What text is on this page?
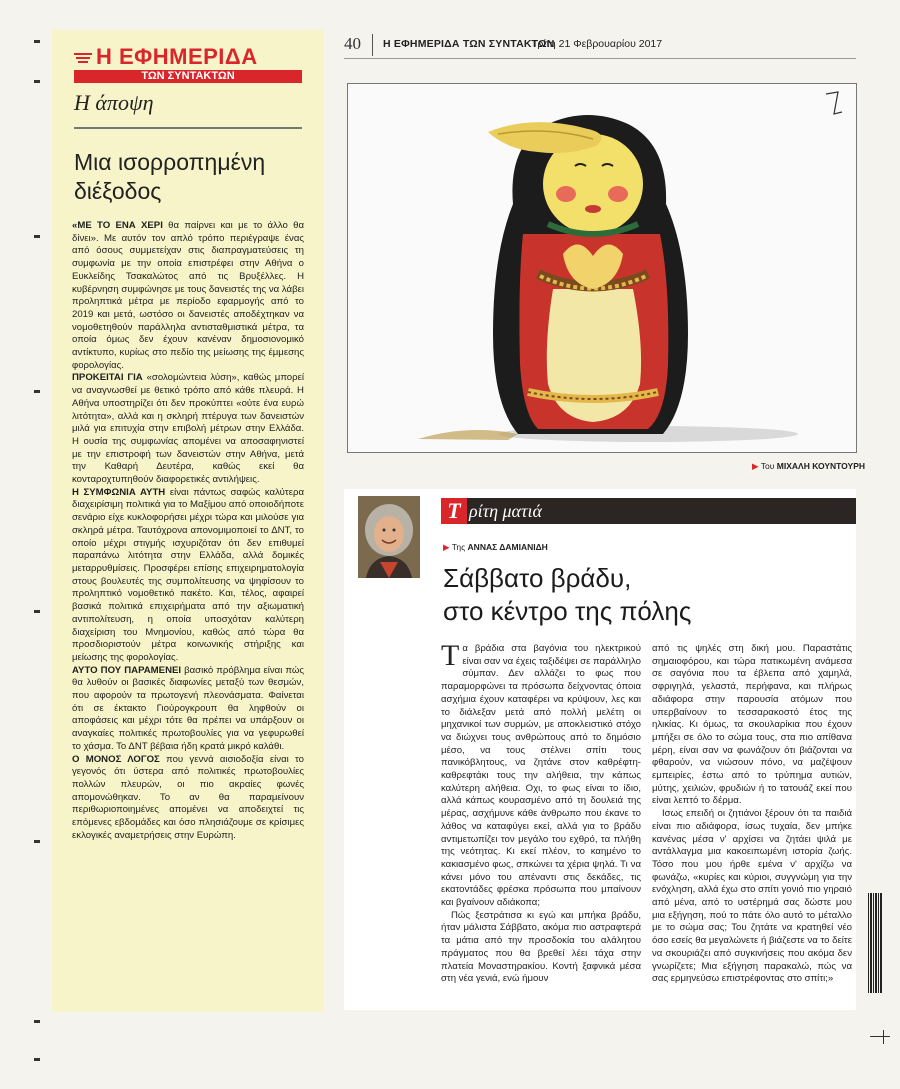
Η ΕΦΗΜΕΡΙΔΑ
ΤΩΝ ΣΥΝΤΑΚΤΩΝ
Η άποψη
Μια ισορροπημένη
διέξοδος

«ΜΕ ΤΟ ΕΝΑ ΧΕΡΙ θα παίρνει και με το άλλο θα δίνει». Με αυτόν τον απλό τρόπο περιέγραψε ένας από όσους συμμετείχαν στις διαπραγματεύσεις τη συμφωνία με την οποία επιστρέφει στην Αθήνα ο Ευκλείδης Τσακαλώτος από τις Βρυξέλλες. Η κυβέρνηση συμφώνησε με τους δανειστές της να λάβει προληπτικά μέτρα με περίοδο εφαρμογής από το 2019 και μετά, ωστόσο οι δανειστές αποδέχτηκαν να νομοθετηθούν παράλληλα αντισταθμιστικά μέτρα, τα οποία όμως δεν έχουν κανέναν δημοσιονομικό αντίκτυπο, κυρίως στο πεδίο της μείωσης της έμμεσης φορολογίας.

ΠΡΟΚΕΙΤΑΙ ΓΙΑ «σολομώντεια λύση», καθώς μπορεί να αναγνωσθεί με θετικό τρόπο από κάθε πλευρά. Η Αθήνα υποστηρίζει ότι δεν προκύπτει «ούτε ένα ευρώ λιτότητα», αλλά και η σκληρή πτέρυγα των δανειστών μιλά για επιτυχία στην επιβολή μέτρων στην Ελλάδα. Η ουσία της συμφωνίας απομένει να αποσαφηνιστεί με την επιστροφή των δανειστών στην Αθήνα, μετά την Καθαρή Δευτέρα, καθώς εκεί θα κονταροχτυπηθούν διαφορετικές αντιλήψεις.

Η ΣΥΜΦΩΝΙΑ ΑΥΤΗ είναι πάντως σαφώς καλύτερα διαχειρίσιμη πολιτικά για το Μαξίμου από οποιοδήποτε σενάριο είχε κυκλοφορήσει μέχρι τώρα και μιλούσε για σκληρά μέτρα. Ταυτόχρονα απονομιμοποιεί το ΔΝΤ, το οποίο μέχρι στιγμής ισχυριζόταν ότι δεν επιθυμεί παραπάνω λιτότητα στην Ελλάδα, αλλά δομικές μεταρρυθμίσεις. Προσφέρει επίσης επιχειρηματολογία στους βουλευτές της συμπολίτευσης να ψηφίσουν το προληπτικό νομοθετικό πακέτο. Και, τέλος, αφαιρεί βασικά πολιτικά επιχειρήματα από την αξιωματική αντιπολίτευση, η οποία υποσχόταν καλύτερη διαχείριση του Μνημονίου, καθώς από τώρα θα προσδιοριστούν μέτρα κοινωνικής στήριξης και μείωσης της φορολογίας.

ΑΥΤΟ ΠΟΥ ΠΑΡΑΜΕΝΕΙ βασικό πρόβλημα είναι πώς θα λυθούν οι βασικές διαφωνίες μεταξύ των θεσμών, που αφορούν τα πρωτογενή πλεονάσματα. Φαίνεται ότι σε έκτακτο Γιούρογκρουπ θα ληφθούν οι αποφάσεις και μέχρι τότε θα πρέπει να υπάρξουν οι αναγκαίες πολιτικές πρωτοβουλίες για να γεφυρωθεί το χάσμα. Το ΔΝΤ βέβαια ήδη κρατά μικρό καλάθι.

Ο ΜΟΝΟΣ ΛΟΓΟΣ που γεννά αισιοδοξία είναι το γεγονός ότι ύστερα από πολιτικές πρωτοβουλίες πολλών πλευρών, οι πιο ακραίες φωνές απομονώθηκαν. Το αν θα παραμείνουν περιθωριοποιημένες απομένει να αποδειχτεί τις επόμενες εβδομάδες και όσο πλησιάζουμε σε κρίσιμες εκλογικές αναμετρήσεις στην Ευρώπη.

40 Η ΕΦΗΜΕΡΙΔΑ ΤΩΝ ΣΥΝΤΑΚΤΩΝ
Τρίτη 21 Φεβρουαρίου 2017
▶ Του ΜΙΧΑΛΗ ΚΟΥΝΤΟΥΡΗ
Τ ρίτη ματιά
▶ Της ΑΝΝΑΣ ΔΑΜΙΑΝΙΔΗ
Σάββατο βράδυ,
στο κέντρο της πόλης

Τα βράδια στα βαγόνια του ηλεκτρικού είναι σαν να έχεις ταξιδέψει σε παράλληλο σύμπαν. Δεν αλλάζει το φως που παραμορφώνει τα πρόσωπα δείχνοντας όποια ασχήμια έχουν καταφέρει να κρύψουν, λες και το διάλεξαν μετά από πολλή μελέτη οι μηχανικοί των συρμών, με αποκλειστικό στόχο να διώχνει τους ανθρώπους από το δημόσιο μέσο, να τους στέλνει σπίτι τους πανικόβλητους, να ζητάνε στον καθρέφτη-καθρεφτάκι τους την αλήθεια, την κάπως καλύτερη αλήθεια. Οχι, το φως είναι το ίδιο, αλλά κάπως κουρασμένο από τη δουλειά της μέρας, ασχήμυνε κάθε άνθρωπο που έκανε το λάθος να καταφύγει εκεί, αλλά για το βράδυ αντιμετωπίζει τον μεγάλο του εχθρό, τα πλήθη της νεότητας. Κι εκεί πλέον, το καημένο το κακιασμένο φως, σπκώνει τα χέρια ψηλά. Τι να κάνει μόνο του απέναντι στις δεκάδες, τις εκατοντάδες φρέσκα πρόσωπα που μπαίνουν και βγαίνουν αδιάκοπα;

Πώς ξεστράτισα κι εγώ και μπήκα βράδυ, ήταν μάλιστα Σάββατο, ακόμα πιο αστραφτερά τα μάτια από την προσδοκία του αλάλητου πράγματος που θα βρεθεί λέει τάχα στην πλατεία Μοναστηρακίου. Κοντή ξαφνικά μέσα στη νέα γενιά, ενώ ήμουν

από τις ψηλές στη δική μου. Παραστάτις σημαιοφόρου, και τώρα πατικωμένη ανάμεσα σε σαγόνια που τα έβλεπα από χαμηλά, σφριγηλά, γελαστά, περήφανα, και πλήρως αδιάφορα στην παρουσία ατόμων που υπερβαίνουν το τεσσαρακοστό έτος της ηλικίας. Κι όμως, τα σκουλαρίκια που έχουν μπήξει σε όλο το σώμα τους, στα πιο απίθανα μέρη, είναι σαν να φωνάζουν ότι βιάζονται να φθαρούν, να νιώσουν πόνο, να μαζέψουν εμπειρίες, έστω από το τρύπημα αυτιών, μύτης, χειλιών, φρυδιών ή το τατουάζ εκεί που είναι λεπτό το δέρμα.

Ισως επειδή οι ζητιάνοι ξέρουν ότι τα παιδιά είναι πιο αδιάφορα, ίσως τυχαία, δεν μπήκε κανένας μέσα ν' αρχίσει να ζητάει ψιλά με αντάλλαγμα μια κακοειπωμένη ιστορία ζωής. Τόσο που μου ήρθε εμένα ν' αρχίζω να φωνάζω, «κυρίες και κύριοι, συγγνώμη για την ενόχληση, αλλά έχω στο σπίτι γονιό πιο γηραιό από μένα, από το υστέρημά σας δώστε μου μια εξήγηση, πού το πάτε όλο αυτό το μέταλλο με το σώμα σας; Του ζητάτε να κρατηθεί νέο όσο εσείς θα μεγαλώνετε ή βιάζεστε να το δείτε να σκουριάζει από συγκινήσεις που ακόμα δεν γνωρίζετε; Μια εξήγηση παρακαλώ, πώς να σας ερμηνεύσω επιστρέφοντας στο σπίτι;»
